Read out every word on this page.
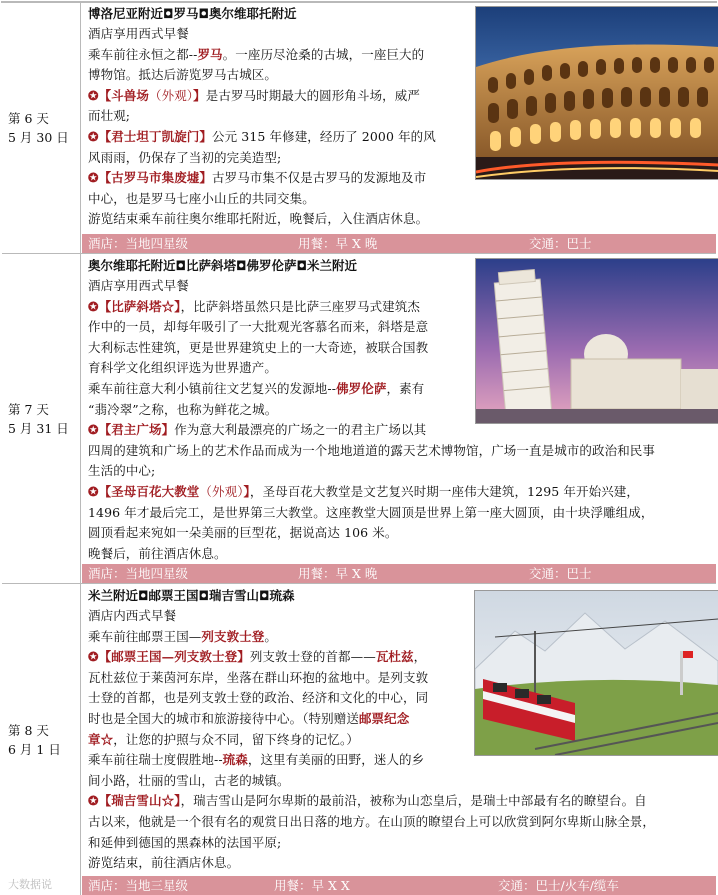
第 6 天
5 月 30 日
博洛尼亚附近◘罗马◘奥尔维耶托附近

酒店享用西式早餐

乘车前往永恒之都--罗马。一座历尽沧桑的古城，一座巨大的

博物馆。抵达后游览罗马古城区。

✪【斗兽场（外观）】是古罗马时期最大的圆形角斗场，威严

而壮观;

✪【君士坦丁凯旋门】公元 315 年修建，经历了 2000 年的风

风雨雨，仍保存了当初的完美造型;

✪【古罗马市集废墟】古罗马市集不仅是古罗马的发源地及市

中心，也是罗马七座小山丘的共同交集。

游览结束乘车前往奥尔维耶托附近，晚餐后，入住酒店休息。

酒店：当地四星级	用餐：早 X 晚	交通：巴士
第 7 天
5 月 31 日
奥尔维耶托附近◘比萨斜塔◘佛罗伦萨◘米兰附近

酒店享用西式早餐

✪【比萨斜塔☆】，比萨斜塔虽然只是比萨三座罗马式建筑杰

作中的一员，却每年吸引了一大批观光客慕名而来，斜塔是意

大利标志性建筑，更是世界建筑史上的一大奇迹，被联合国教

育科学文化组织评选为世界遗产。

乘车前往意大利小镇前往文艺复兴的发源地--佛罗伦萨，素有

“翡冷翠”之称，也称为鲜花之城。

✪【君主广场】作为意大利最漂亮的广场之一的君主广场以其

四周的建筑和广场上的艺术作品而成为一个地地道道的露天艺术博物馆，广场一直是城市的政治和民事

生活的中心;

✪【圣母百花大教堂（外观）】，圣母百花大教堂是文艺复兴时期一座伟大建筑，1295 年开始兴建，

1496 年才最后完工，是世界第三大教堂。这座教堂大圆顶是世界上第一座大圆顶，由十块浮雕组成，

圆顶看起来宛如一朵美丽的巨型花，据说高达 106 米。

晚餐后，前往酒店休息。

酒店：当地四星级	用餐：早 X 晚	交通：巴士
第 8 天
6 月 1 日
米兰附近◘邮票王国◘瑞吉雪山◘琉森

酒店内西式早餐

乘车前往邮票王国—列支敦士登。

✪【邮票王国—列支敦士登】列支敦士登的首都——瓦杜兹，

瓦杜兹位于莱茵河东岸，坐落在群山环抱的盆地中。是列支敦

士登的首都，也是列支敦士登的政治、经济和文化的中心，同

时也是全国大的城市和旅游接待中心。（特别赠送邮票纪念

章☆，让您的护照与众不同，留下终身的记忆。）

乘车前往瑞士度假胜地--琉森，这里有美丽的田野，迷人的乡

间小路，壮丽的雪山，古老的城镇。

✪【瑞吉雪山☆】，瑞吉雪山是阿尔卑斯的最前沿，被称为山恋皇后，是瑞士中部最有名的瞭望台。自

古以来，他就是一个很有名的观赏日出日落的地方。在山顶的瞭望台上可以欣赏到阿尔卑斯山脉全景，

和延伸到德国的黑森林的法国平原;

游览结束，前往酒店休息。

酒店：当地三星级	用餐：早 X X	交通：巴士/火车/缆车
大数据说
